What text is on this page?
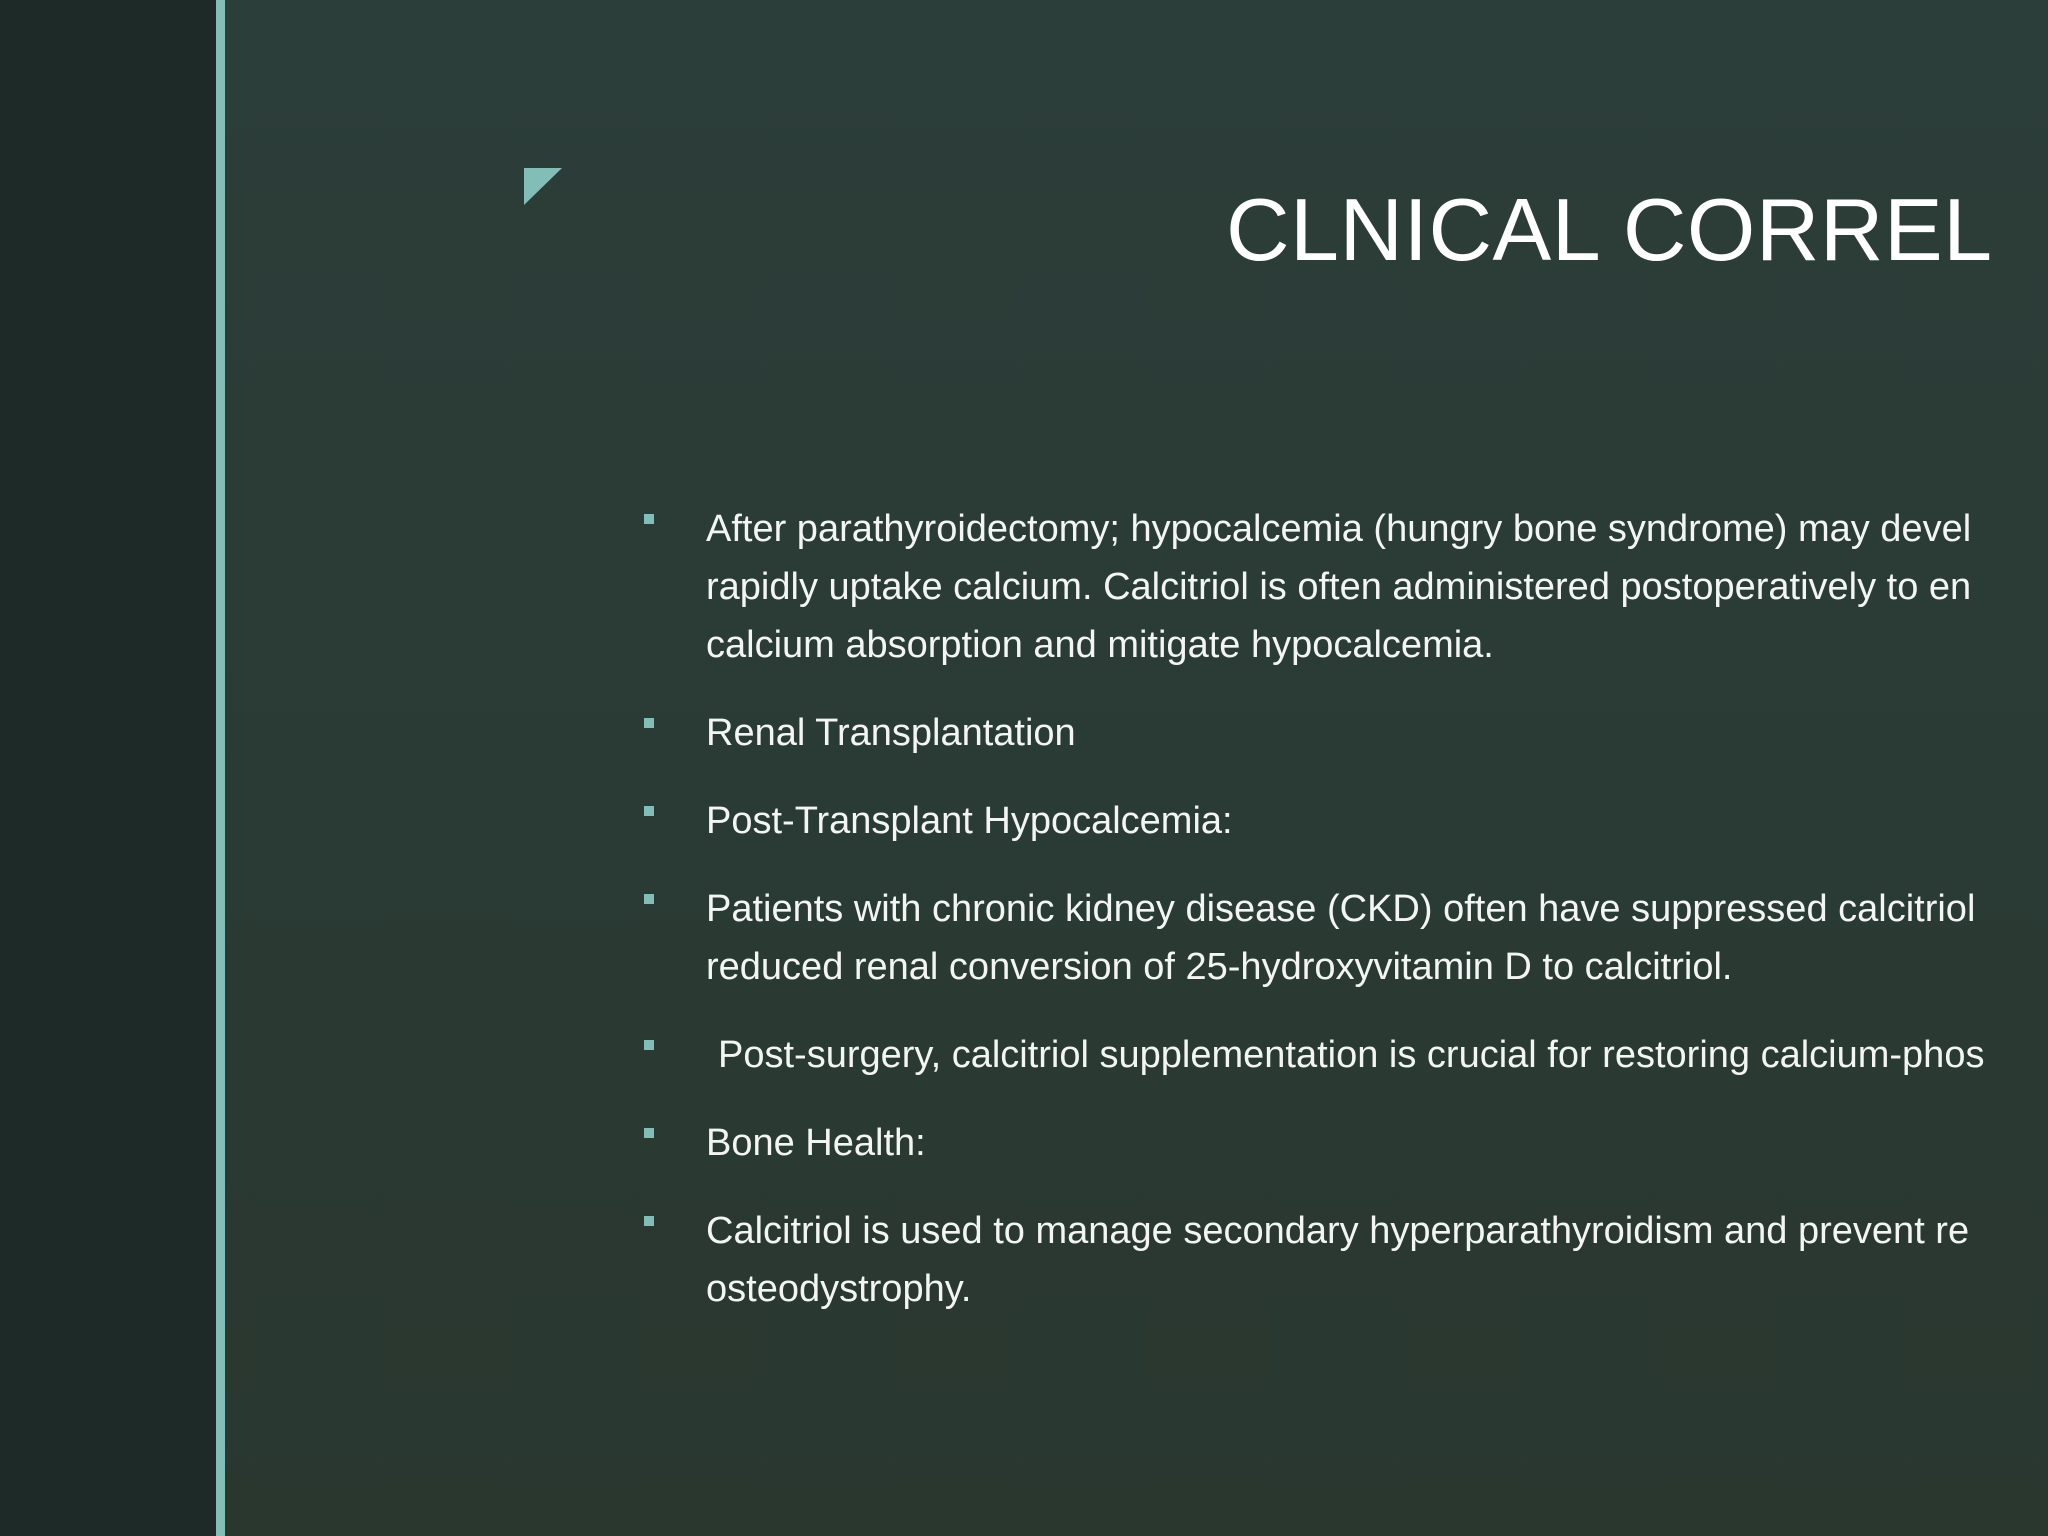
CLNICAL CORREL
After parathyroidectomy; hypocalcemia (hungry bone syndrome) may devel
rapidly uptake calcium. Calcitriol is often administered postoperatively to en
calcium absorption and mitigate hypocalcemia.
Renal Transplantation
Post-Transplant Hypocalcemia:
Patients with chronic kidney disease (CKD) often have suppressed calcitriol
reduced renal conversion of 25-hydroxyvitamin D to calcitriol.
Post-surgery, calcitriol supplementation is crucial for restoring calcium-phos
Bone Health:
Calcitriol is used to manage secondary hyperparathyroidism and prevent re
osteodystrophy.
